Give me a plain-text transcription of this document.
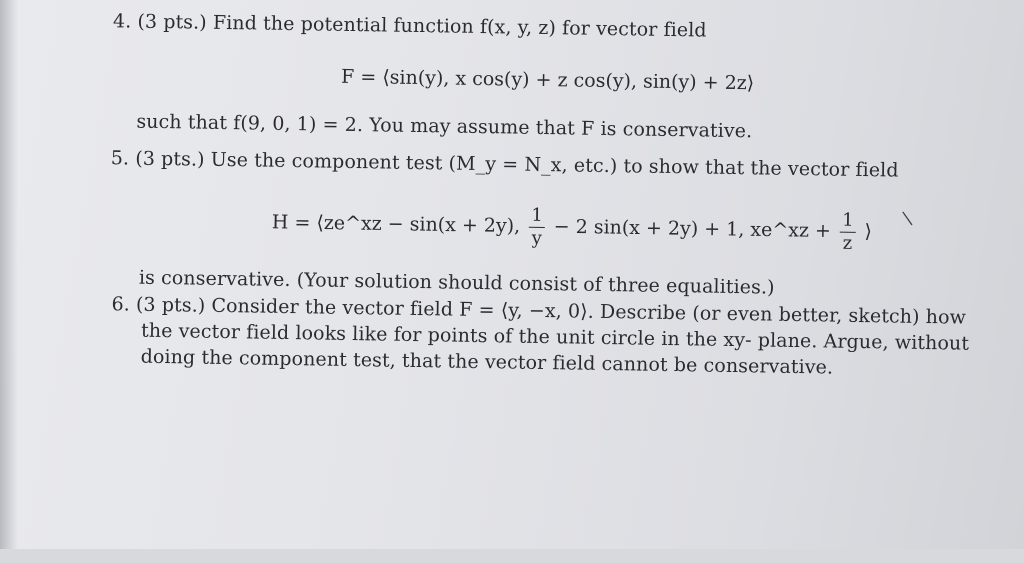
4. (3 pts.) Find the potential function f(x, y, z) for vector field
F = ⟨sin(y), x cos(y) + z cos(y), sin(y) + 2z⟩
such that f(9, 0, 1) = 2. You may assume that F is conservative.
5. (3 pts.) Use the component test (M_y = N_x, etc.) to show that the vector field
H = ⟨ze^xz − sin(x + 2y), $\frac{1}{y} - 2$ sin(x + 2y) + 1, xe^xz + $\frac{1}{z}$ ⟩
is conservative. (Your solution should consist of three equalities.)
6. (3 pts.) Consider the vector field F = ⟨y, −x, 0⟩. Describe (or even better, sketch) how
the vector field looks like for points of the unit circle in the xy- plane. Argue, without
doing the component test, that the vector field cannot be conservative.
|
